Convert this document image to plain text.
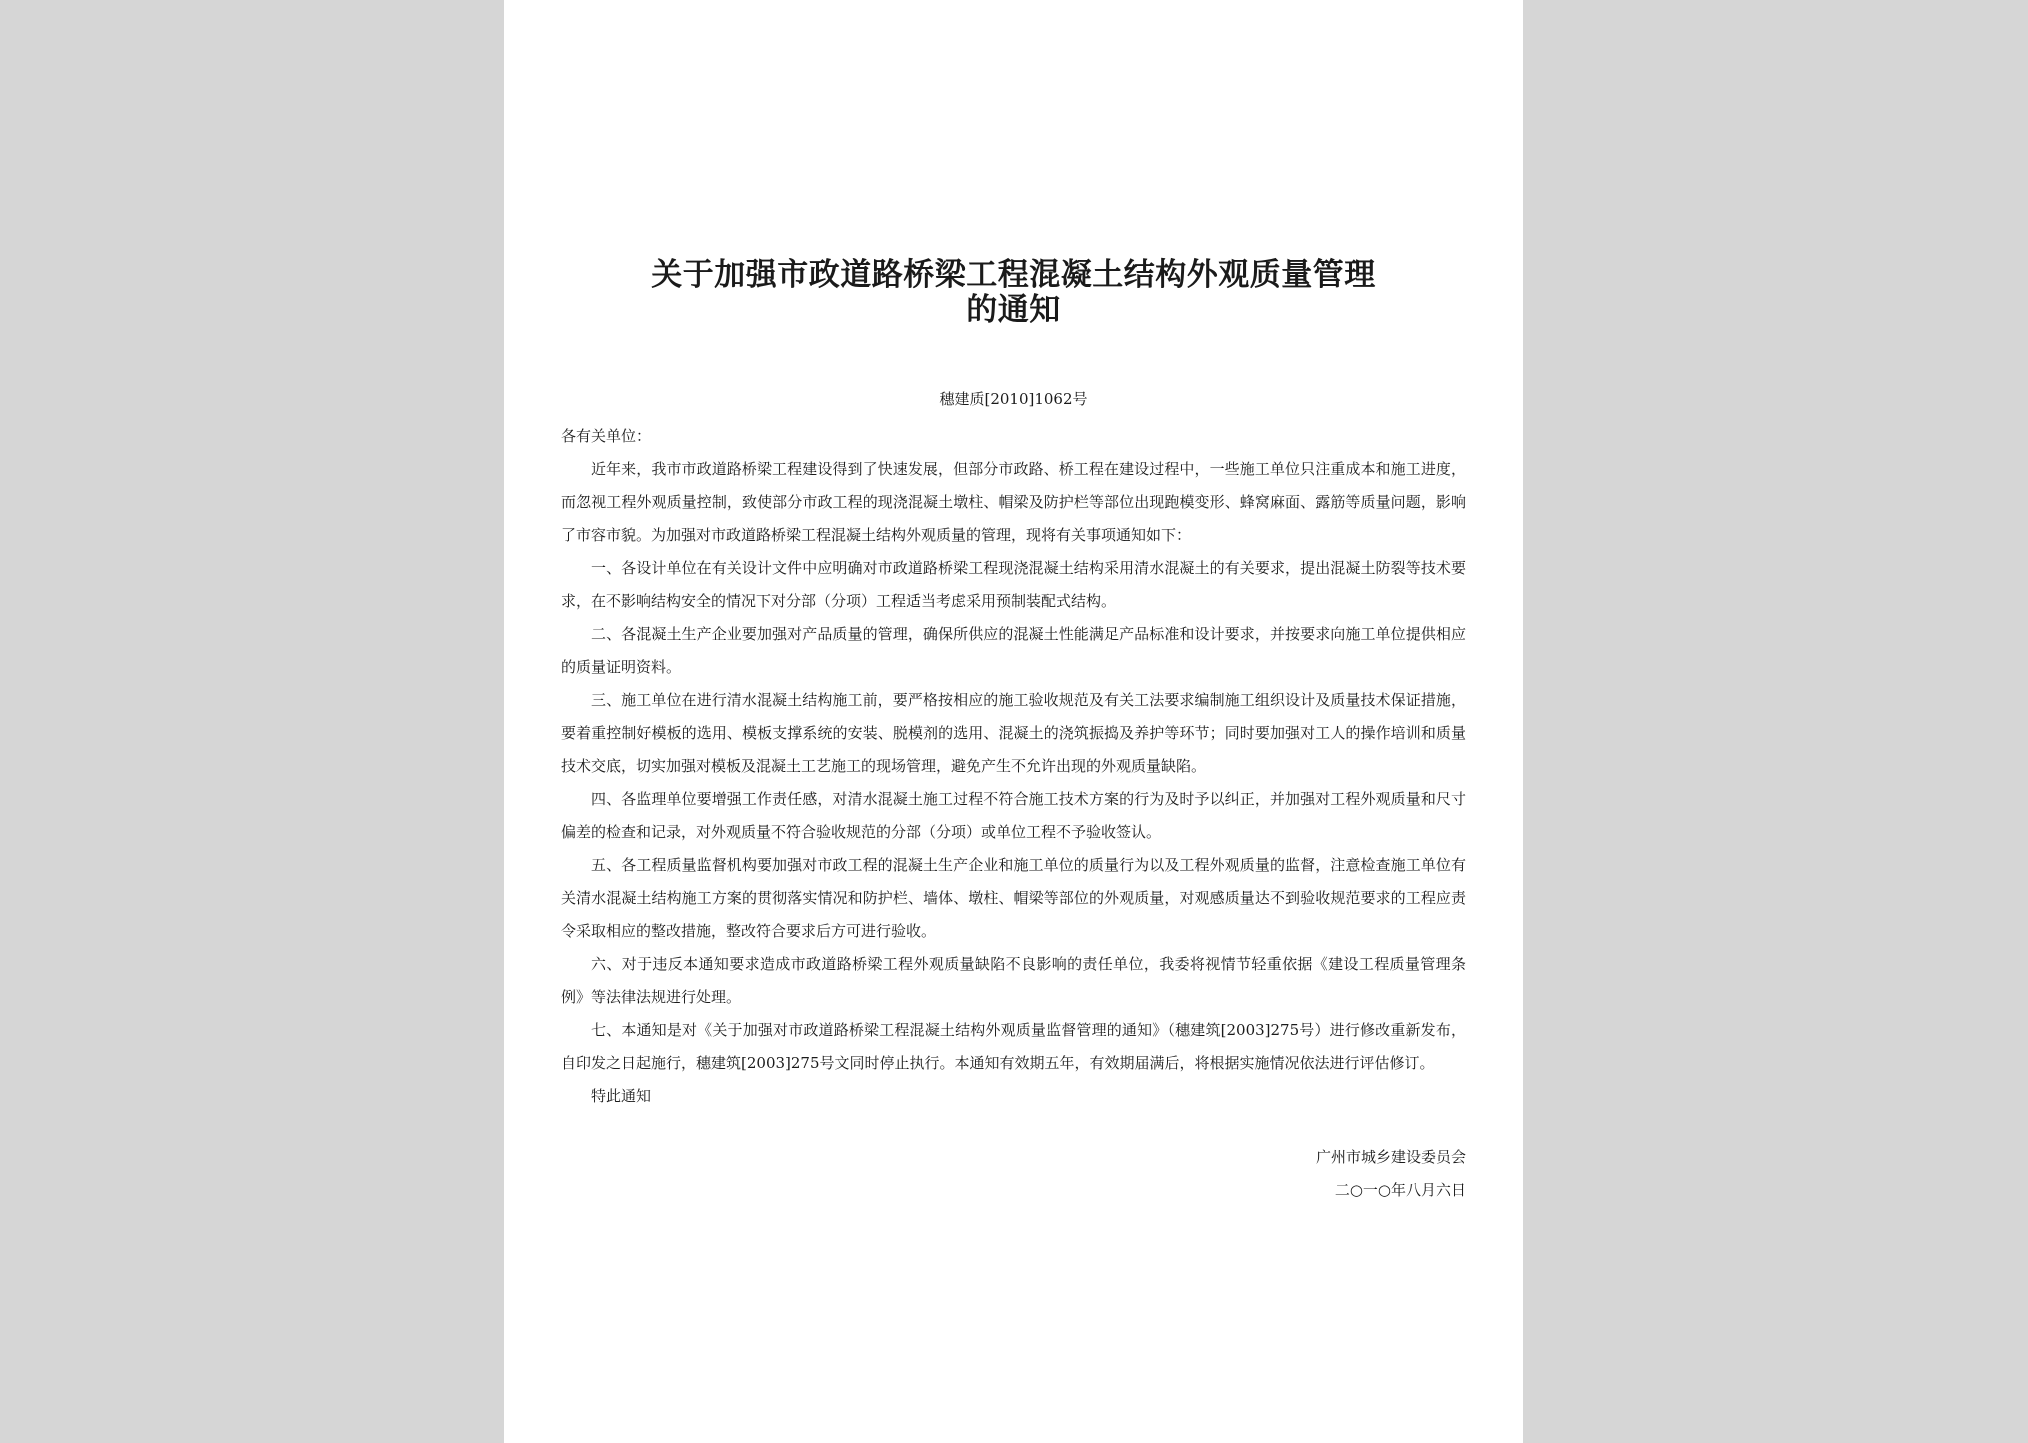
关于加强市政道路桥梁工程混凝土结构外观质量管理
的通知
穗建质[2010]1062号

各有关单位：

近年来，我市市政道路桥梁工程建设得到了快速发展，但部分市政路、桥工程在建设过程中，一些施工单位只注重成本和施工进度，而忽视工程外观质量控制，致使部分市政工程的现浇混凝土墩柱、帽梁及防护栏等部位出现跑模变形、蜂窝麻面、露筋等质量问题，影响了市容市貌。为加强对市政道路桥梁工程混凝土结构外观质量的管理，现将有关事项通知如下：

一、各设计单位在有关设计文件中应明确对市政道路桥梁工程现浇混凝土结构采用清水混凝土的有关要求，提出混凝土防裂等技术要求，在不影响结构安全的情况下对分部（分项）工程适当考虑采用预制装配式结构。

二、各混凝土生产企业要加强对产品质量的管理，确保所供应的混凝土性能满足产品标准和设计要求，并按要求向施工单位提供相应的质量证明资料。

三、施工单位在进行清水混凝土结构施工前，要严格按相应的施工验收规范及有关工法要求编制施工组织设计及质量技术保证措施，要着重控制好模板的选用、模板支撑系统的安装、脱模剂的选用、混凝土的浇筑振捣及养护等环节；同时要加强对工人的操作培训和质量技术交底，切实加强对模板及混凝土工艺施工的现场管理，避免产生不允许出现的外观质量缺陷。

四、各监理单位要增强工作责任感，对清水混凝土施工过程不符合施工技术方案的行为及时予以纠正，并加强对工程外观质量和尺寸偏差的检查和记录，对外观质量不符合验收规范的分部（分项）或单位工程不予验收签认。

五、各工程质量监督机构要加强对市政工程的混凝土生产企业和施工单位的质量行为以及工程外观质量的监督，注意检查施工单位有关清水混凝土结构施工方案的贯彻落实情况和防护栏、墙体、墩柱、帽梁等部位的外观质量，对观感质量达不到验收规范要求的工程应责令采取相应的整改措施，整改符合要求后方可进行验收。

六、对于违反本通知要求造成市政道路桥梁工程外观质量缺陷不良影响的责任单位，我委将视情节轻重依据《建设工程质量管理条例》等法律法规进行处理。

七、本通知是对《关于加强对市政道路桥梁工程混凝土结构外观质量监督管理的通知》（穗建筑[2003]275号）进行修改重新发布，自印发之日起施行，穗建筑[2003]275号文同时停止执行。本通知有效期五年，有效期届满后，将根据实施情况依法进行评估修订。

特此通知

广州市城乡建设委员会
二○一○年八月六日
